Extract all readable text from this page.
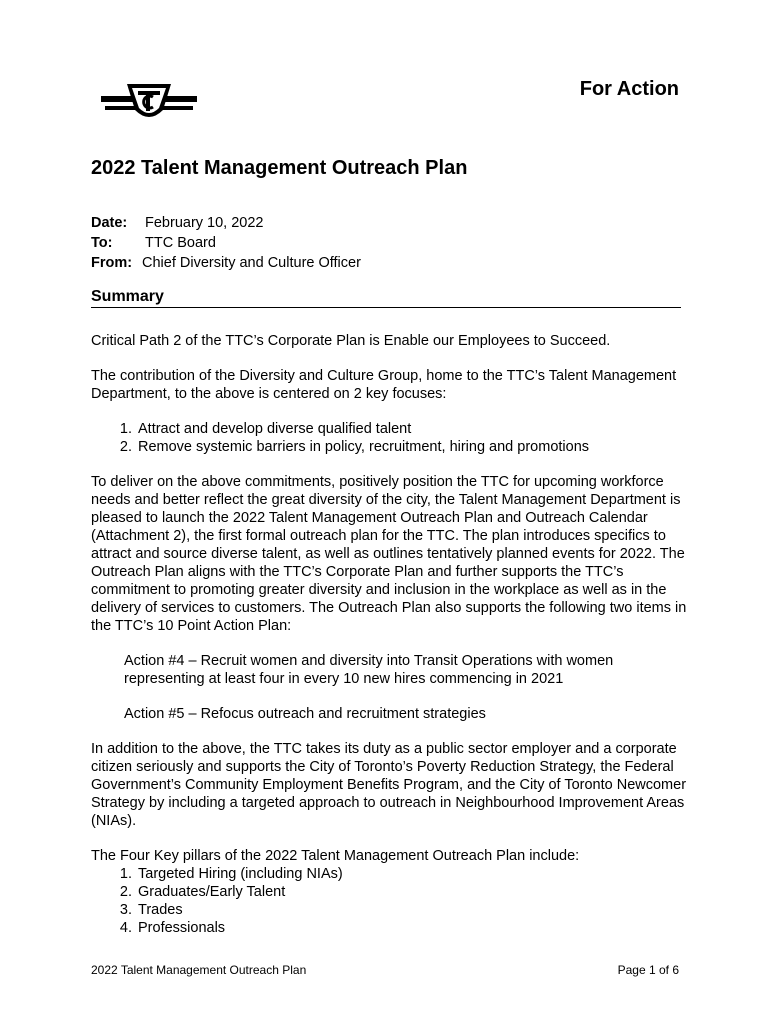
For Action
2022 Talent Management Outreach Plan
Date: February 10, 2022
To: TTC Board
From: Chief Diversity and Culture Officer
Summary

Critical Path 2 of the TTC’s Corporate Plan is Enable our Employees to Succeed.

The contribution of the Diversity and Culture Group, home to the TTC’s Talent Management Department, to the above is centered on 2 key focuses:

1. Attract and develop diverse qualified talent
2. Remove systemic barriers in policy, recruitment, hiring and promotions

To deliver on the above commitments, positively position the TTC for upcoming workforce needs and better reflect the great diversity of the city, the Talent Management Department is pleased to launch the 2022 Talent Management Outreach Plan and Outreach Calendar (Attachment 2), the first formal outreach plan for the TTC. The plan introduces specifics to attract and source diverse talent, as well as outlines tentatively planned events for 2022. The Outreach Plan aligns with the TTC’s Corporate Plan and further supports the TTC’s commitment to promoting greater diversity and inclusion in the workplace as well as in the delivery of services to customers. The Outreach Plan also supports the following two items in the TTC’s 10 Point Action Plan:

Action #4 – Recruit women and diversity into Transit Operations with women representing at least four in every 10 new hires commencing in 2021
Action #5 – Refocus outreach and recruitment strategies

In addition to the above, the TTC takes its duty as a public sector employer and a corporate citizen seriously and supports the City of Toronto’s Poverty Reduction Strategy, the Federal Government’s Community Employment Benefits Program, and the City of Toronto Newcomer Strategy by including a targeted approach to outreach in Neighbourhood Improvement Areas (NIAs).

The Four Key pillars of the 2022 Talent Management Outreach Plan include:

1. Targeted Hiring (including NIAs)
2. Graduates/Early Talent
3. Trades
4. Professionals
2022 Talent Management Outreach Plan	Page 1 of 6
